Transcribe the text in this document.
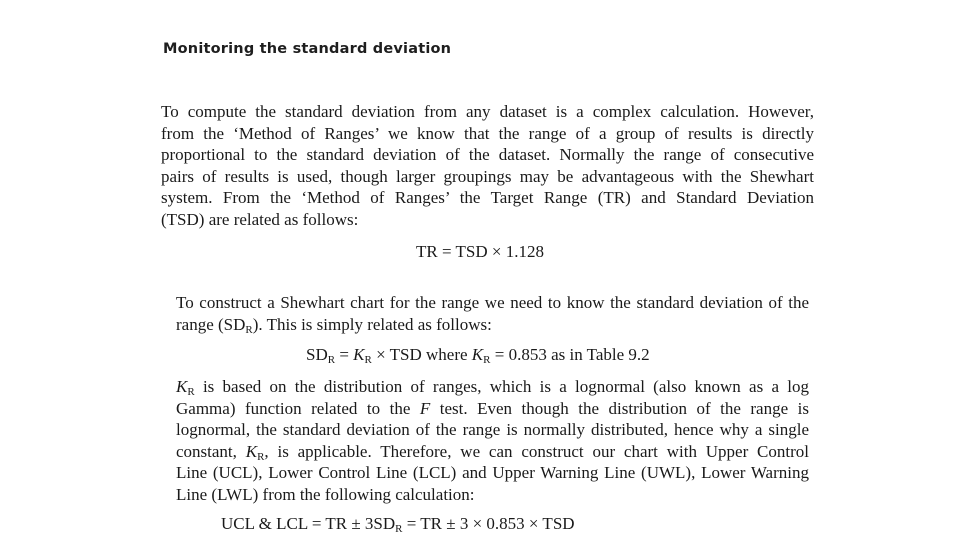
Monitoring the standard deviation
To compute the standard deviation from any dataset is a complex calculation. However,
from the ‘Method of Ranges’ we know that the range of a group of results is directly
proportional to the standard deviation of the dataset. Normally the range of consecutive
pairs of results is used, though larger groupings may be advantageous with the Shewhart
system. From the ‘Method of Ranges’ the Target Range (TR) and Standard Deviation
(TSD) are related as follows:
TR = TSD × 1.128
To construct a Shewhart chart for the range we need to know the standard deviation of the
range $(SD_R)$. This is simply related as follows:
$SD_R = K_R$ × TSD where $K_R = 0.853$ as in Table 9.2
$K_R$ is based on the distribution of ranges, which is a lognormal (also known as a log
Gamma) function related to the F test. Even though the distribution of the range is
lognormal, the standard deviation of the range is normally distributed, hence why a single
constant, $K_R$, is applicable. Therefore, we can construct our chart with Upper Control
Line (UCL), Lower Control Line (LCL) and Upper Warning Line (UWL), Lower Warning
Line (LWL) from the following calculation:
UCL & LCL = TR ± $3SD_R$ = TR ± 3 × 0.853 × TSD
